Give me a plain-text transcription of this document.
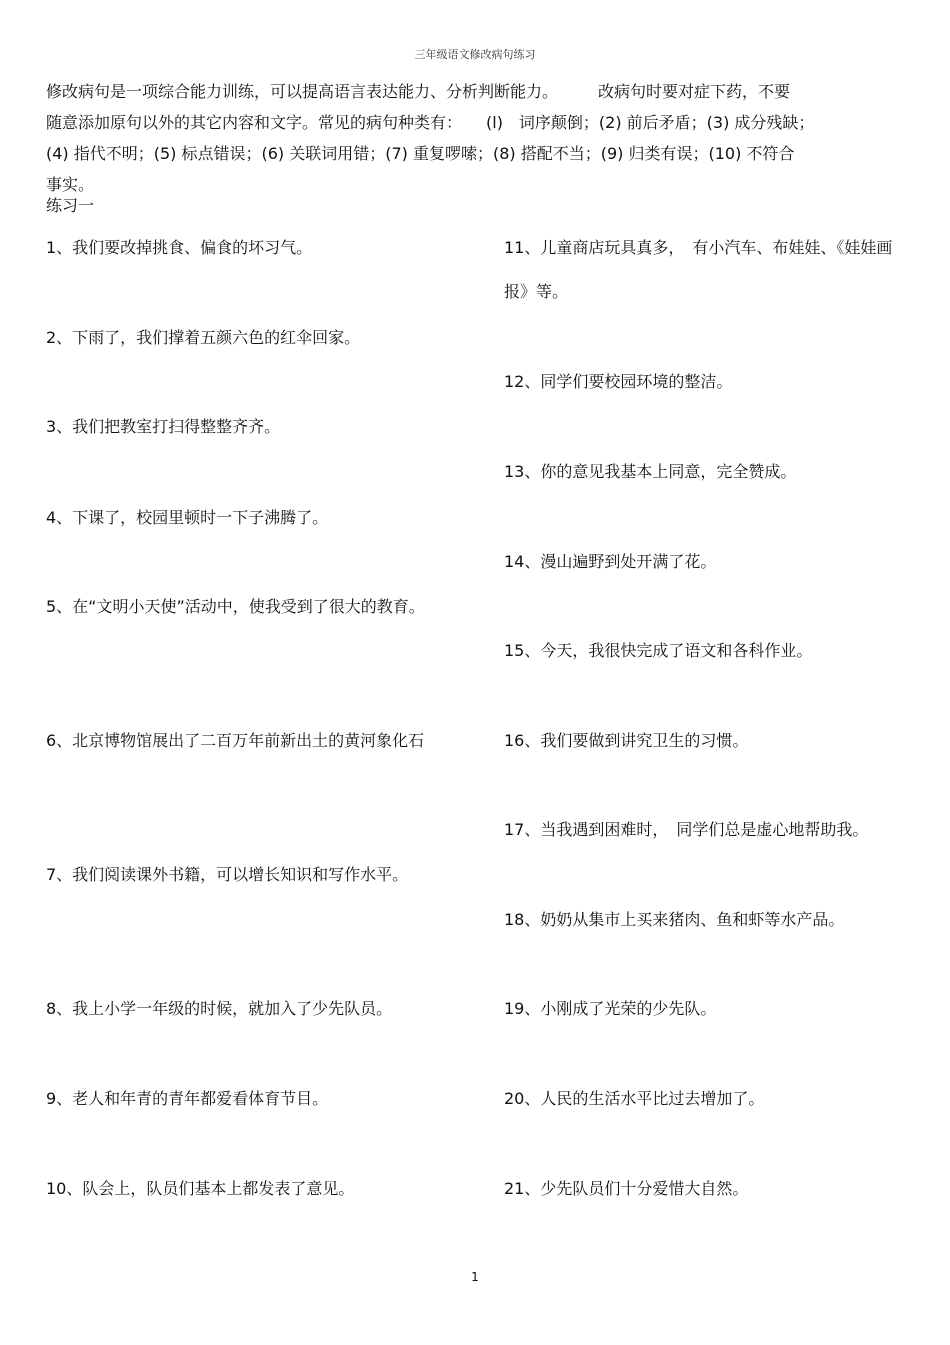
三年级语文修改病句练习

修改病句是一项综合能力训练，可以提高语言表达能力、分析判断能力。　　　改病句时要对症下药，不要

随意添加原句以外的其它内容和文字。常见的病句种类有：　　(l)　词序颠倒；(2) 前后矛盾；(3) 成分残缺；

(4) 指代不明；(5) 标点错误；(6) 关联词用错；(7) 重复啰嗦；(8) 搭配不当；(9) 归类有误；(10) 不符合

事实。

练习一

1、我们要改掉挑食、偏食的坏习气。

2、下雨了，我们撑着五颜六色的红伞回家。

3、我们把教室打扫得整整齐齐。

4、下课了，校园里顿时一下子沸腾了。

5、在“文明小天使”活动中，使我受到了很大的教育。

6、北京博物馆展出了二百万年前新出土的黄河象化石

7、我们阅读课外书籍，可以增长知识和写作水平。

8、我上小学一年级的时候，就加入了少先队员。

9、老人和年青的青年都爱看体育节目。

10、队会上，队员们基本上都发表了意见。

11、儿童商店玩具真多，　有小汽车、布娃娃、《娃娃画报》等。

12、同学们要校园环境的整洁。

13、你的意见我基本上同意，完全赞成。

14、漫山遍野到处开满了花。

15、今天，我很快完成了语文和各科作业。

16、我们要做到讲究卫生的习惯。

17、当我遇到困难时，　同学们总是虚心地帮助我。

18、奶奶从集市上买来猪肉、鱼和虾等水产品。

19、小刚成了光荣的少先队。

20、人民的生活水平比过去增加了。

21、少先队员们十分爱惜大自然。

1
